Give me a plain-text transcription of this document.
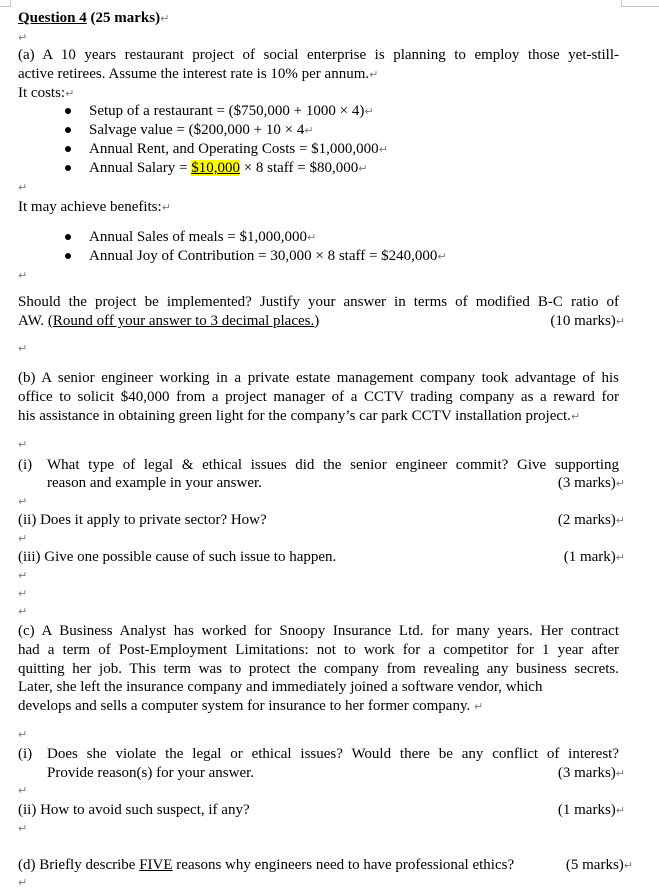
Question 4 (25 marks)↵
↵
(a) A 10 years restaurant project of social enterprise is planning to employ those yet-still-
active retirees. Assume the interest rate is 10% per annum.↵
It costs:↵
Setup of a restaurant = ($750,000 + 1000 × 4)↵
Salvage value = ($200,000 + 10 × 4↵
Annual Rent, and Operating Costs = $1,000,000↵
Annual Salary = $10,000 × 8 staff = $80,000↵
↵
It may achieve benefits:↵
Annual Sales of meals = $1,000,000↵
Annual Joy of Contribution = 30,000 × 8 staff = $240,000↵
↵
Should the project be implemented? Justify your answer in terms of modified B-C ratio of
AW. (Round off your answer to 3 decimal places.)	(10 marks)↵
↵
(b) A senior engineer working in a private estate management company took advantage of his
office to solicit $40,000 from a project manager of a CCTV trading company as a reward for
his assistance in obtaining green light for the company’s car park CCTV installation project.↵
↵
(i) What type of legal & ethical issues did the senior engineer commit? Give supporting
reason and example in your answer.	(3 marks)↵
↵
(ii) Does it apply to private sector? How?	(2 marks)↵
↵
(iii) Give one possible cause of such issue to happen.	(1 mark)↵
↵
↵
↵
(c) A Business Analyst has worked for Snoopy Insurance Ltd. for many years. Her contract
had a term of Post-Employment Limitations: not to work for a competitor for 1 year after
quitting her job. This term was to protect the company from revealing any business secrets.
Later, she left the insurance company and immediately joined a software vendor, which
develops and sells a computer system for insurance to her former company. ↵
↵
(i) Does she violate the legal or ethical issues? Would there be any conflict of interest?
Provide reason(s) for your answer.	(3 marks)↵
↵
(ii) How to avoid such suspect, if any?	(1 marks)↵
↵
(d) Briefly describe FIVE reasons why engineers need to have professional ethics?	(5 marks)↵
↵
